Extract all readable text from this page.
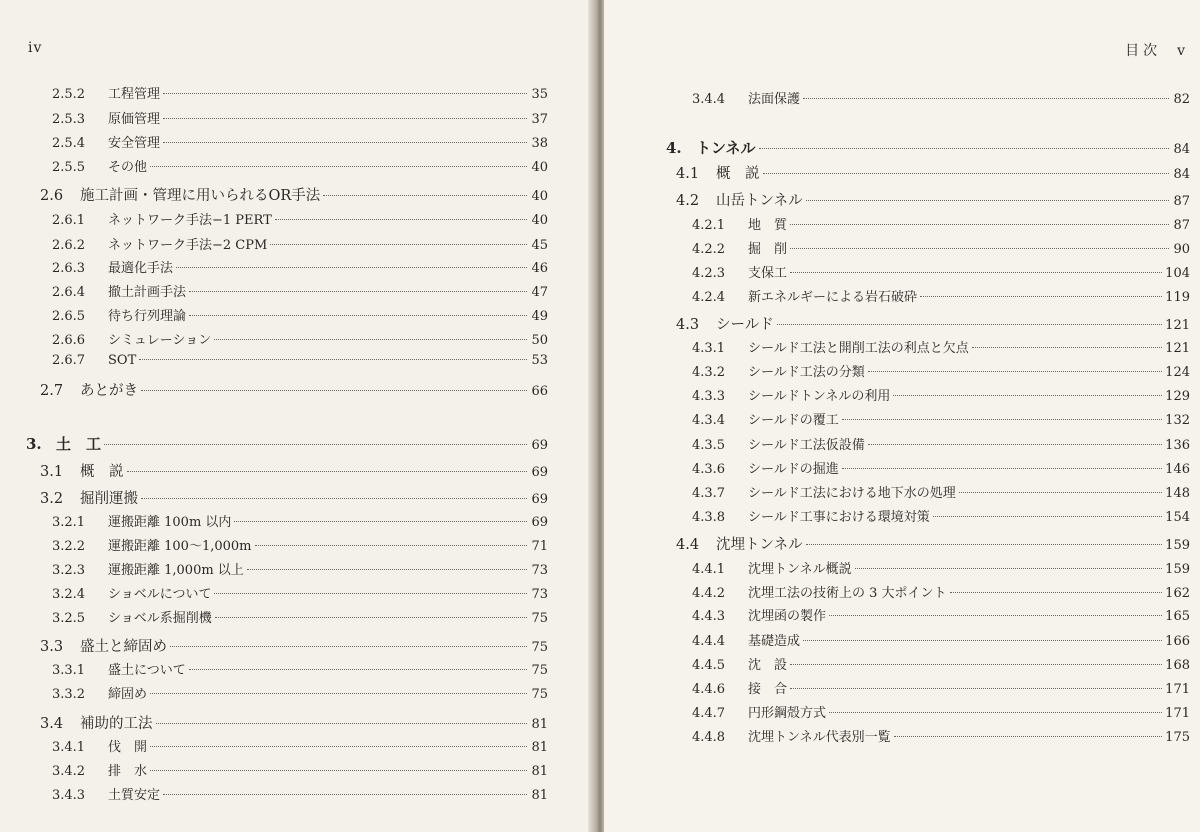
iv
2.5.2	工程管理	35
2.5.3	原価管理	37
2.5.4	安全管理	38
2.5.5	その他	40
2.6	施工計画・管理に用いられるOR手法	40
2.6.1	ネットワーク手法−1 PERT	40
2.6.2	ネットワーク手法−2 CPM	45
2.6.3	最適化手法	46
2.6.4	撤土計画手法	47
2.6.5	待ち行列理論	49
2.6.6	シミュレーション	50
2.6.7	SOT	53
2.7	あとがき	66
3. 土　工	69
3.1	概　説	69
3.2	掘削運搬	69
3.2.1	運搬距離 100m 以内	69
3.2.2	運搬距離 100〜1,000m	71
3.2.3	運搬距離 1,000m 以上	73
3.2.4	ショベルについて	73
3.2.5	ショベル系掘削機	75
3.3	盛土と締固め	75
3.3.1	盛土について	75
3.3.2	締固め	75
3.4	補助的工法	81
3.4.1	伐　開	81
3.4.2	排　水	81
3.4.3	土質安定	81
目次 v
3.4.4	法面保護	82
4. トンネル	84
4.1	概　説	84
4.2	山岳トンネル	87
4.2.1	地　質	87
4.2.2	掘　削	90
4.2.3	支保工	104
4.2.4	新エネルギーによる岩石破砕	119
4.3	シールド	121
4.3.1	シールド工法と開削工法の利点と欠点	121
4.3.2	シールド工法の分類	124
4.3.3	シールドトンネルの利用	129
4.3.4	シールドの覆工	132
4.3.5	シールド工法仮設備	136
4.3.6	シールドの掘進	146
4.3.7	シールド工法における地下水の処理	148
4.3.8	シールド工事における環境対策	154
4.4	沈埋トンネル	159
4.4.1	沈埋トンネル概説	159
4.4.2	沈埋工法の技術上の 3 大ポイント	162
4.4.3	沈埋函の製作	165
4.4.4	基礎造成	166
4.4.5	沈　設	168
4.4.6	接　合	171
4.4.7	円形鋼殻方式	171
4.4.8	沈埋トンネル代表別一覧	175
